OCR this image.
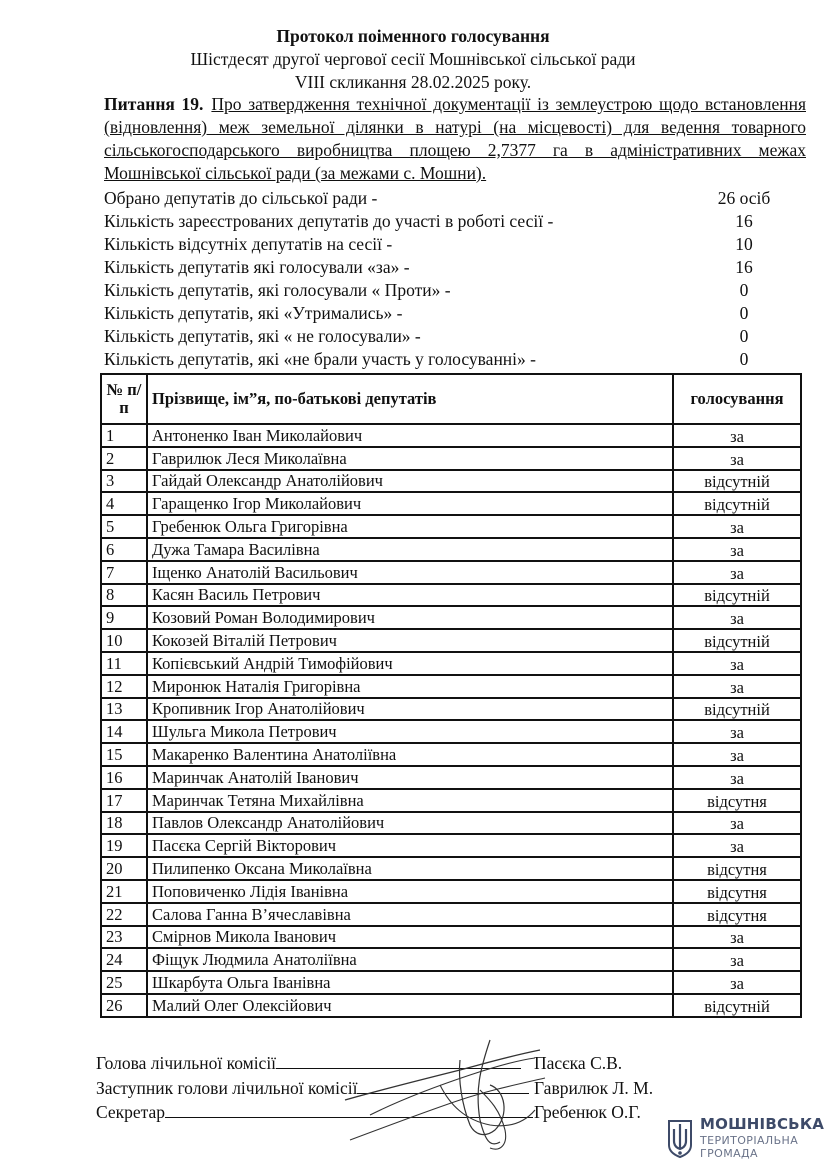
Протокол поіменного голосування
Шістдесят другої чергової сесії Мошнівської сільської ради
VIII скликання 28.02.2025 року.
Питання 19. Про затвердження технічної документації із землеустрою щодо встановлення (відновлення) меж земельної ділянки в натурі (на місцевості) для ведення товарного сільськогосподарського виробництва площею 2,7377 га в адміністративних межах Мошнівської сільської ради (за межами с. Мошни).
Обрано депутатів до сільської ради -	26 осіб
Кількість зареєстрованих депутатів до участі в роботі сесії -	16
Кількість відсутніх депутатів на сесії -	10
Кількість депутатів які голосували «за» -	16
Кількість депутатів, які голосували « Проти» -	0
Кількість депутатів, які «Утримались» -	0
Кількість депутатів, які « не голосували» -	0
Кількість депутатів, які «не брали участь у голосуванні» -	0
№ п/п	Прізвище, ім”я, по-батькові депутатів	голосування
1	Антоненко Іван Миколайович	за
2	Гаврилюк Леся Миколаївна	за
3	Гайдай Олександр Анатолійович	відсутній
4	Гаращенко Ігор Миколайович	відсутній
5	Гребенюк Ольга Григорівна	за
6	Дужа Тамара Василівна	за
7	Іщенко Анатолій Васильович	за
8	Касян Василь Петрович	відсутній
9	Козовий Роман Володимирович	за
10	Кокозей Віталій Петрович	відсутній
11	Копієвський Андрій Тимофійович	за
12	Миронюк Наталія Григорівна	за
13	Кропивник Ігор Анатолійович	відсутній
14	Шульга Микола Петрович	за
15	Макаренко Валентина Анатоліївна	за
16	Маринчак Анатолій Іванович	за
17	Маринчак Тетяна Михайлівна	відсутня
18	Павлов Олександр Анатолійович	за
19	Пасєка Сергій Вікторович	за
20	Пилипенко Оксана Миколаївна	відсутня
21	Поповиченко Лідія Іванівна	відсутня
22	Салова Ганна В’ячеславівна	відсутня
23	Смірнов Микола Іванович	за
24	Фіщук Людмила Анатоліївна	за
25	Шкарбута Ольга Іванівна	за
26	Малий Олег Олексійович	відсутній
Голова лічильної комісії	Пасєка С.В.
Заступник голови лічильної комісії	Гаврилюк Л. М.
Секретар	Гребенюк О.Г.
МОШНІВСЬКА
ТЕРИТОРІАЛЬНА
ГРОМАДА
